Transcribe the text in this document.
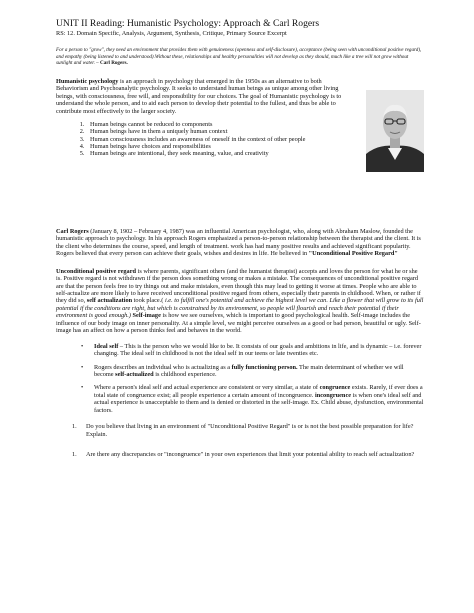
UNIT II Reading: Humanistic Psychology: Approach & Carl Rogers

RS: 12. Domain Specific, Analysis, Argument, Synthesis, Critique, Primary Source Excerpt

For a person to "grow", they need an environment that provides them with genuineness (openness and self-disclosure), acceptance (being seen with unconditional positive regard), and empathy (being listened to and understood).Without these, relationships and healthy personalities will not develop as they should, much like a tree will not grow without sunlight and water. – Carl Rogers.

Humanistic psychology is an approach in psychology that emerged in the 1950s as an alternative to both Behaviorism and Psychoanalytic psychology. It seeks to understand human beings as unique among other living beings, with consciousness, free will, and responsibility for our choices. The goal of Humanistic psychology is to understand the whole person, and to aid each person to develop their potential to the fullest, and thus be able to contribute most effectively to the larger society.

1. Human beings cannot be reduced to components
2. Human beings have in them a uniquely human context
3. Human consciousness includes an awareness of oneself in the context of other people
4. Human beings have choices and responsibilities
5. Human beings are intentional, they seek meaning, value, and creativity

Carl Rogers (January 8, 1902 – February 4, 1987) was an influential American psychologist, who, along with Abraham Maslow, founded the humanistic approach to psychology. In his approach Rogers emphasized a person-to-person relationship between the therapist and the client. It is the client who determines the course, speed, and length of treatment. work has had many positive results and achieved significant popularity. Rogers believed that every person can achieve their goals, wishes and desires in life. He believed in "Unconditional Positive Regard"

Unconditional positive regard is where parents, significant others (and the humanist therapist) accepts and loves the person for what he or she is. Positive regard is not withdrawn if the person does something wrong or makes a mistake. The consequences of unconditional positive regard are that the person feels free to try things out and make mistakes, even though this may lead to getting it worse at times. People who are able to self-actualize are more likely to have received unconditional positive regard from others, especially their parents in childhood. When, or rather if they did so, self actualization took place.( i.e. to fulfill one's potential and achieve the highest level we can. Like a flower that will grow to its full potential if the conditions are right, but which is constrained by its environment, so people will flourish and reach their potential if their environment is good enough.) Self-image is how we see ourselves, which is important to good psychological health. Self-image includes the influence of our body image on inner personality. At a simple level, we might perceive ourselves as a good or bad person, beautiful or ugly. Self-image has an affect on how a person thinks feel and behaves in the world.

• Ideal self – This is the person who we would like to be. It consists of our goals and ambitions in life, and is dynamic – i.e. forever changing. The ideal self in childhood is not the ideal self in our teens or late twenties etc.
• Rogers describes an individual who is actualizing as a fully functioning person. The main determinant of whether we will become self-actualized is childhood experience.
• Where a person's ideal self and actual experience are consistent or very similar, a state of congruence exists. Rarely, if ever does a total state of congruence exist; all people experience a certain amount of incongruence. incongruence is when one's ideal self and actual experience is unacceptable to them and is denied or distorted in the self-image. Ex. Child abuse, dysfunction, environmental factors.
1. Do you believe that living in an environment of "Unconditional Positive Regard" is or is not the best possible preparation for life? Explain.
1. Are there any discrepancies or "incongruence" in your own experiences that limit your potential ability to reach self actualization?
